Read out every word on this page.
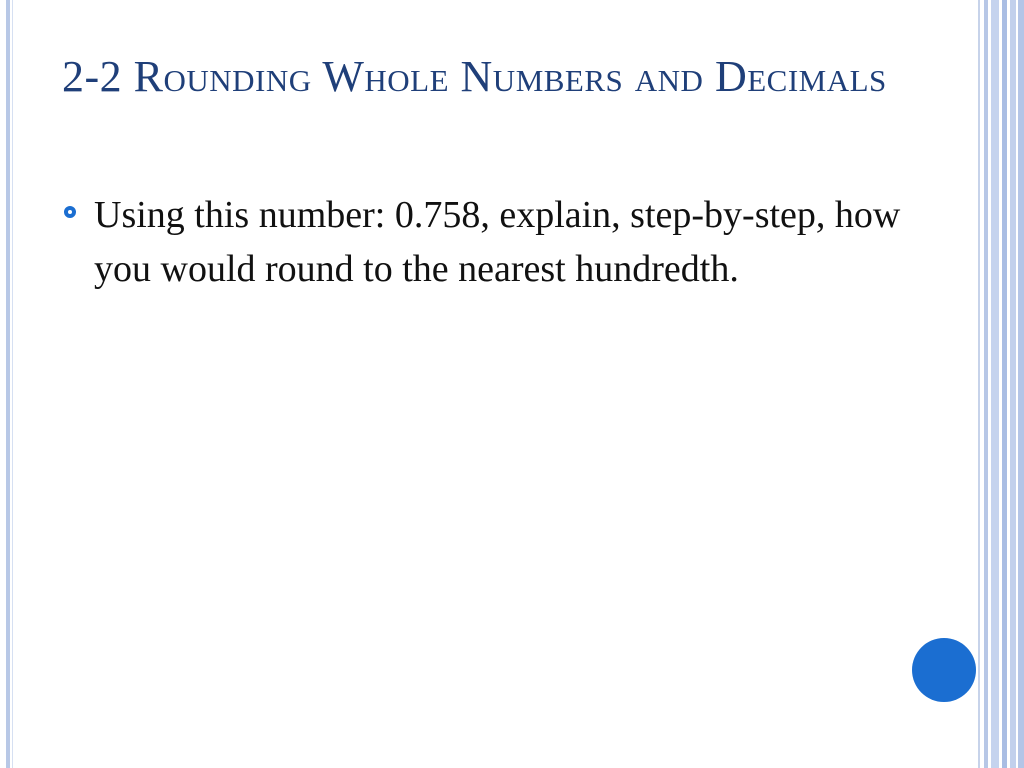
2-2 Rounding Whole Numbers and Decimals
Using this number: 0.758, explain, step-by-step, how you would round to the nearest hundredth.
